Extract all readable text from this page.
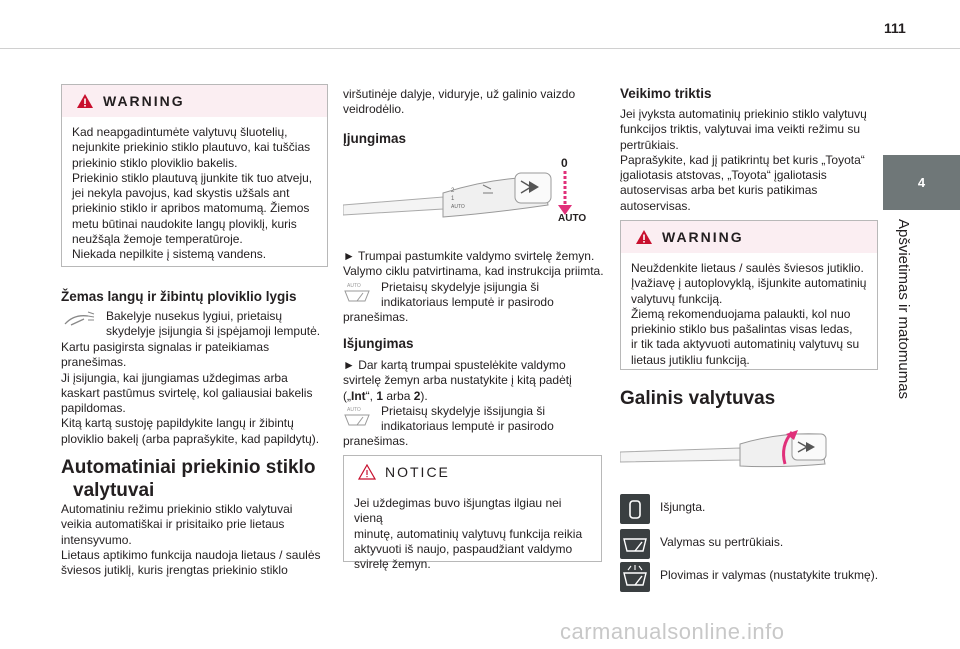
111
4
Apšvietimas ir matomumas
WARNING
Kad neapgadintumėte valytuvų šluotelių,
nejunkite priekinio stiklo plautuvo, kai tuščias
priekinio stiklo ploviklio bakelis.
Priekinio stiklo plautuvą įjunkite tik tuo atveju,
jei nekyla pavojus, kad skystis užšals ant
priekinio stiklo ir apribos matomumą. Žiemos
metu būtinai naudokite langų ploviklį, kuris
neužšąla žemoje temperatūroje.
Niekada nepilkite į sistemą vandens.
Žemas langų ir žibintų ploviklio lygis
Bakelyje nusekus lygiui, prietaisų
skydelyje įsijungia ši įspėjamoji lemputė.
Kartu pasigirsta signalas ir pateikiamas
pranešimas.
Ji įsijungia, kai įjungiamas uždegimas arba
kaskart pastūmus svirtelę, kol galiausiai bakelis
papildomas.
Kitą kartą sustoję papildykite langų ir žibintų
ploviklio bakelį (arba paprašykite, kad papildytų).
Automatiniai priekinio stiklo
valytuvai
Automatiniu režimu priekinio stiklo valytuvai
veikia automatiškai ir prisitaiko prie lietaus
intensyvumo.
Lietaus aptikimo funkcija naudoja lietaus / saulės
šviesos jutiklį, kuris įrengtas priekinio stiklo
viršutinėje dalyje, viduryje, už galinio vaizdo
veidrodėlio.
Įjungimas
2
1
AUTO
0
AUTO
► Trumpai pastumkite valdymo svirtelę žemyn.
Valymo ciklu patvirtinama, kad instrukcija priimta.
AUTO Prietaisų skydelyje įsijungia ši
indikatoriaus lemputė ir pasirodo
pranešimas.
Išjungimas
► Dar kartą trumpai spustelėkite valdymo
svirtelę žemyn arba nustatykite į kitą padėtį
(„Int“, 1 arba 2).
AUTO Prietaisų skydelyje išsijungia ši
indikatoriaus lemputė ir pasirodo
pranešimas.
NOTICE
Jei uždegimas buvo išjungtas ilgiau nei vieną
minutę, automatinių valytuvų funkcija reikia
aktyvuoti iš naujo, paspaudžiant valdymo
svirelę žemyn.
Veikimo triktis
Jei įvyksta automatinių priekinio stiklo valytuvų
funkcijos triktis, valytuvai ima veikti režimu su
pertrūkiais.
Paprašykite, kad jį patikrintų bet kuris „Toyota“
įgaliotasis atstovas, „Toyota“ įgaliotasis
autoservisas arba bet kuris patikimas
autoservisas.
WARNING
Neuždenkite lietaus / saulės šviesos jutiklio.
Įvažiavę į autoplovyklą, išjunkite automatinių
valytuvų funkciją.
Žiemą rekomenduojama palaukti, kol nuo
priekinio stiklo bus pašalintas visas ledas,
ir tik tada aktyvuoti automatinių valytuvų su
lietaus jutikliu funkciją.
Galinis valytuvas
Išjungta.
Valymas su pertrūkiais.
Plovimas ir valymas (nustatykite trukmę).
carmanualsonline.info
